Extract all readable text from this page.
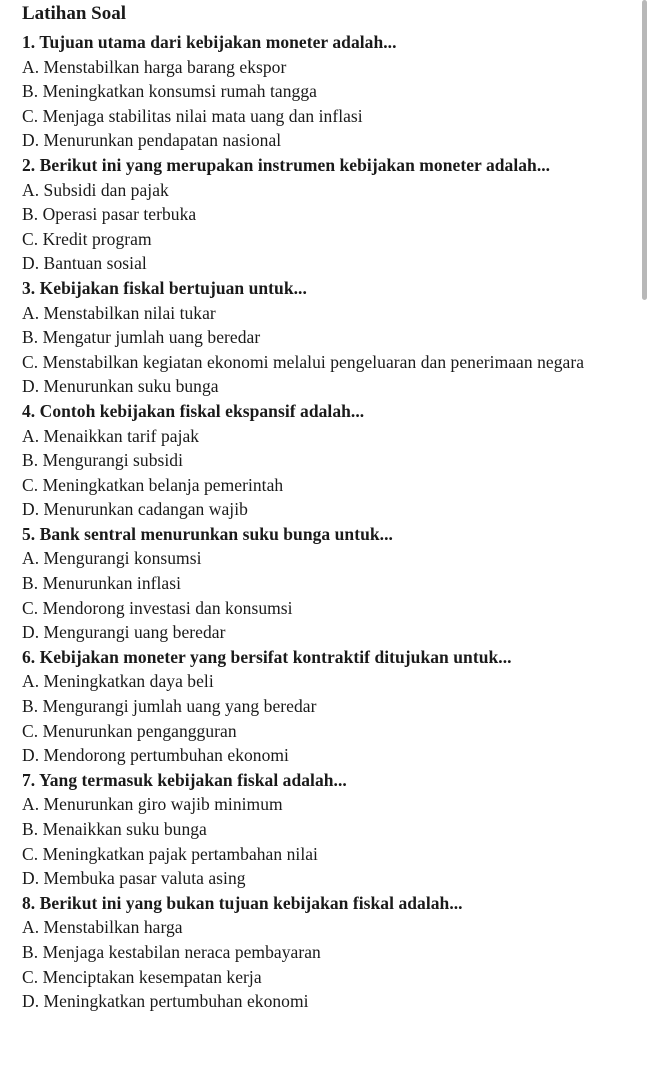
Latihan Soal
1. Tujuan utama dari kebijakan moneter adalah...
A. Menstabilkan harga barang ekspor
B. Meningkatkan konsumsi rumah tangga
C. Menjaga stabilitas nilai mata uang dan inflasi
D. Menurunkan pendapatan nasional
2. Berikut ini yang merupakan instrumen kebijakan moneter adalah...
A. Subsidi dan pajak
B. Operasi pasar terbuka
C. Kredit program
D. Bantuan sosial
3. Kebijakan fiskal bertujuan untuk...
A. Menstabilkan nilai tukar
B. Mengatur jumlah uang beredar
C. Menstabilkan kegiatan ekonomi melalui pengeluaran dan penerimaan negara
D. Menurunkan suku bunga
4. Contoh kebijakan fiskal ekspansif adalah...
A. Menaikkan tarif pajak
B. Mengurangi subsidi
C. Meningkatkan belanja pemerintah
D. Menurunkan cadangan wajib
5. Bank sentral menurunkan suku bunga untuk...
A. Mengurangi konsumsi
B. Menurunkan inflasi
C. Mendorong investasi dan konsumsi
D. Mengurangi uang beredar
6. Kebijakan moneter yang bersifat kontraktif ditujukan untuk...
A. Meningkatkan daya beli
B. Mengurangi jumlah uang yang beredar
C. Menurunkan pengangguran
D. Mendorong pertumbuhan ekonomi
7. Yang termasuk kebijakan fiskal adalah...
A. Menurunkan giro wajib minimum
B. Menaikkan suku bunga
C. Meningkatkan pajak pertambahan nilai
D. Membuka pasar valuta asing
8. Berikut ini yang bukan tujuan kebijakan fiskal adalah...
A. Menstabilkan harga
B. Menjaga kestabilan neraca pembayaran
C. Menciptakan kesempatan kerja
D. Meningkatkan pertumbuhan ekonomi
